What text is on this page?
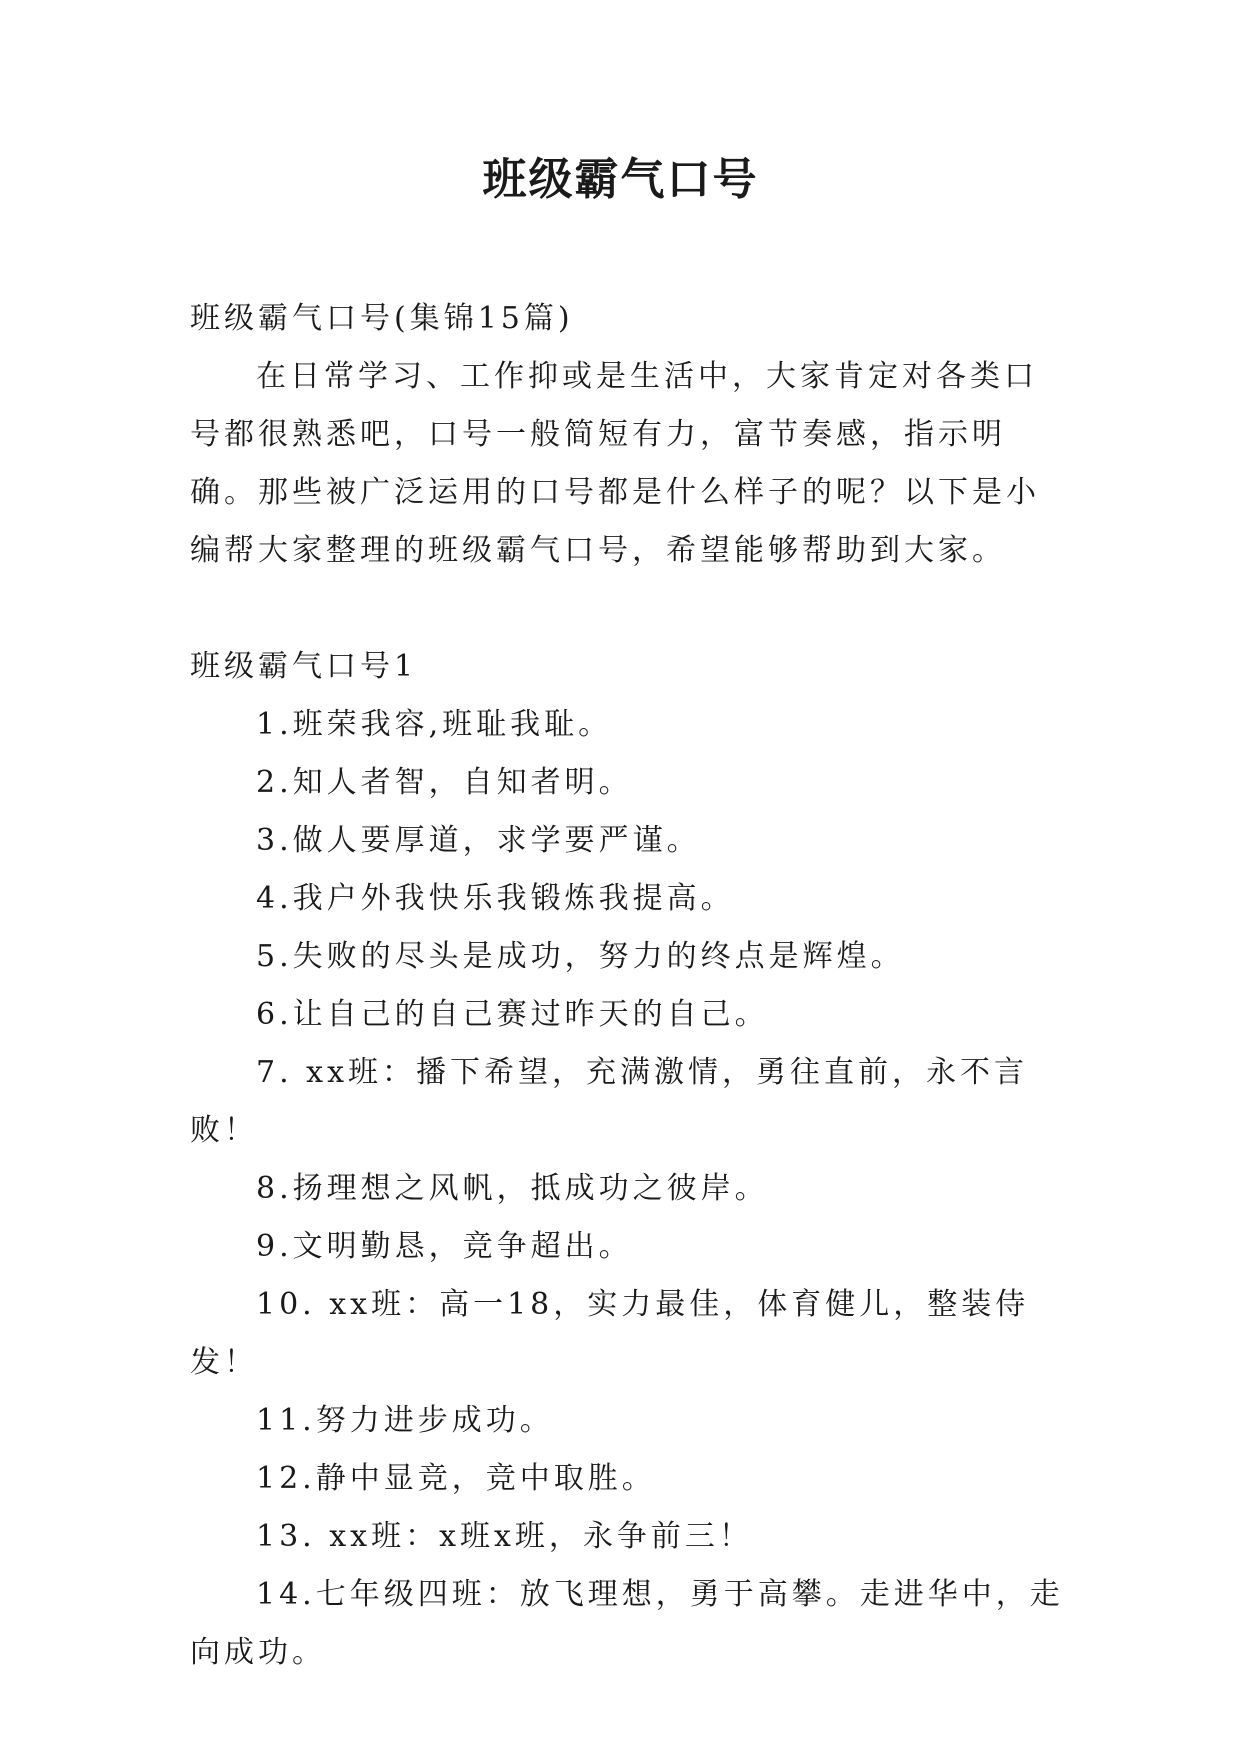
班级霸气口号

班级霸气口号(集锦15篇)

在日常学习、工作抑或是生活中，大家肯定对各类口号都很熟悉吧，口号一般简短有力，富节奏感，指示明确。那些被广泛运用的口号都是什么样子的呢？以下是小编帮大家整理的班级霸气口号，希望能够帮助到大家。

班级霸气口号1

1.班荣我容,班耻我耻。

2.知人者智，自知者明。

3.做人要厚道，求学要严谨。

4.我户外我快乐我锻炼我提高。

5.失败的尽头是成功，努力的终点是辉煌。

6.让自己的自己赛过昨天的自己。

7. xx班：播下希望，充满激情，勇往直前，永不言败！

8.扬理想之风帆，抵成功之彼岸。

9.文明勤恳，竞争超出。

10. xx班：高一18，实力最佳，体育健儿，整装侍发！

11.努力进步成功。

12.静中显竞，竞中取胜。

13. xx班：x班x班，永争前三！

14.七年级四班：放飞理想，勇于高攀。走进华中，走向成功。
